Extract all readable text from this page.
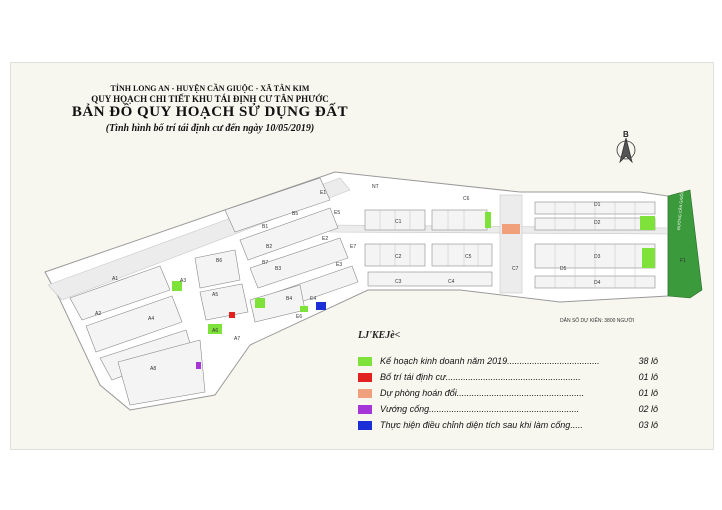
TỈNH LONG AN - HUYỆN CẦN GIUỘC - XÃ TÂN KIM
QUY HOẠCH CHI TIẾT KHU TÁI ĐỊNH CƯ TÂN PHƯỚC
BẢN ĐỒ QUY HOẠCH SỬ DỤNG ĐẤT
(Tình hình bố trí tái định cư đến ngày 10/05/2019)
B
NT
ĐƯỜNG CẦN GIUỘC
DÂN SỐ DỰ KIẾN: 3800 NGƯỜI
A1
A2
A3
A4
A5
A6
A7
A8
B1
B2
B3
B4
B5
B6	B7
C1
C2
C3	C4
C5
C6
C7
D1
D2
D3
D4
D5
E1
E2
E3
E4
E5
E6
E7
F1
LJ'KEJè<
Kế hoạch kinh doanh năm 2019.....................................	38 lô
Bố trí tái định cư......................................................	01 lô
Dự phòng hoán đổi...................................................	01 lô
Vướng cống............................................................	02 lô
Thực hiện điều chỉnh diện tích sau khi làm cống.....	03 lô
